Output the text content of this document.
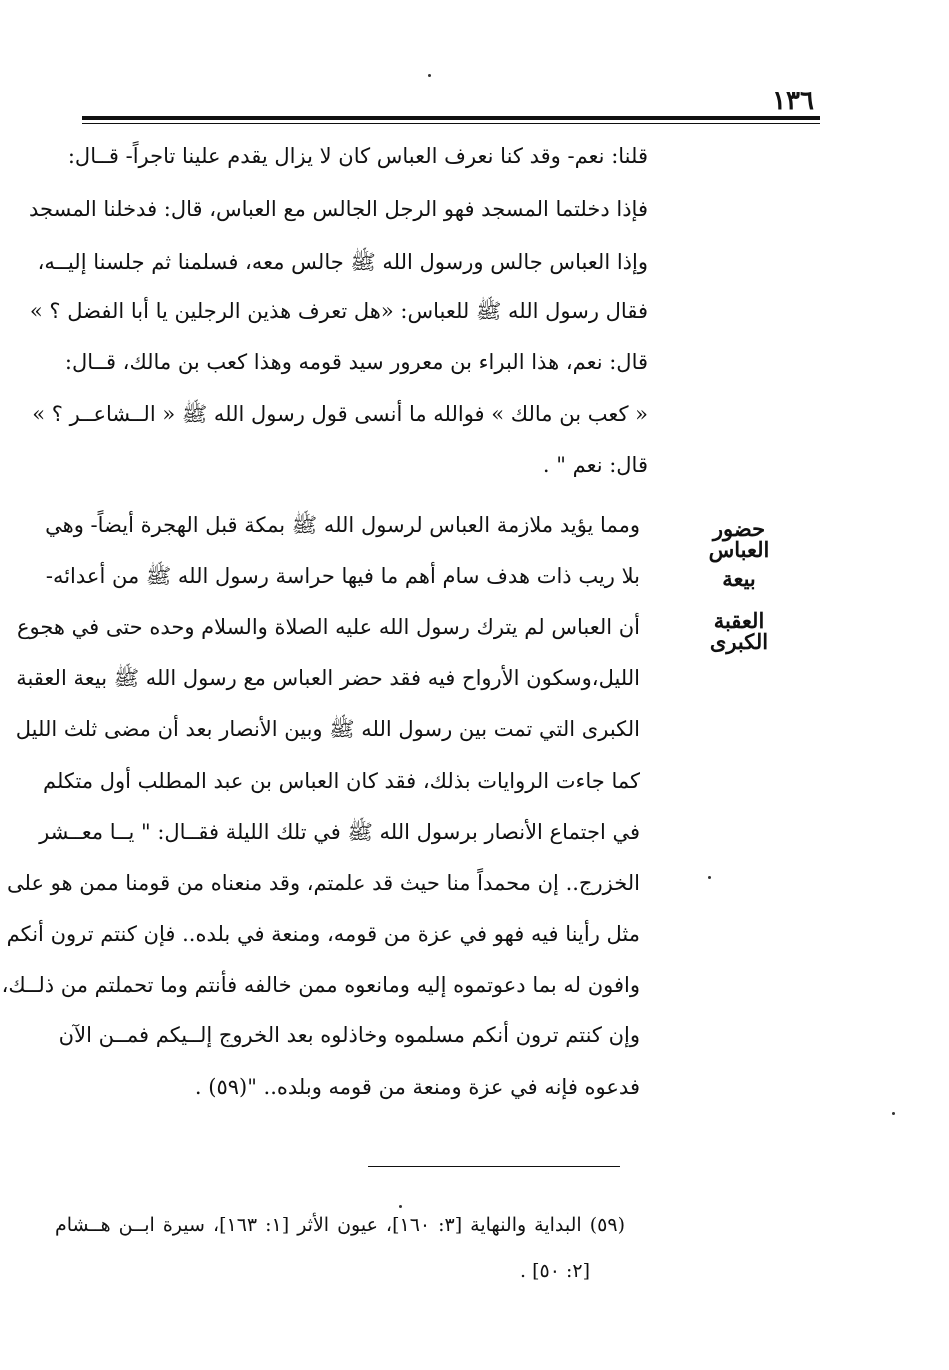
١٣٦
قلنا: نعم- وقد كنا نعرف العباس كان لا يزال يقدم علينا تاجراً- قــال:
فإذا دخلتما المسجد فهو الرجل الجالس مع العباس، قال: فدخلنا المسجد
وإذا العباس جالس ورسول الله ﷺ جالس معه، فسلمنا ثم جلسنا إليــه،
فقال رسول الله ﷺ للعباس: «هل تعرف هذين الرجلين يا أبا الفضل ؟ »
قال: نعم، هذا البراء بن معرور سيد قومه وهذا كعب بن مالك، قــال:
« كعب بن مالك » فوالله ما أنسى قول رسول الله ﷺ « الــشاعــر ؟ »
قال: نعم " .
حضور العباس
بيعة
العقبة الكبرى
ومما يؤيد ملازمة العباس لرسول الله ﷺ بمكة قبل الهجرة أيضاً- وهي
بلا ريب ذات هدف سام أهم ما فيها حراسة رسول الله ﷺ من أعدائه-
أن العباس لم يترك رسول الله عليه الصلاة والسلام وحده حتى في هجوع
الليل،وسكون الأرواح فيه فقد حضر العباس مع رسول الله ﷺ بيعة العقبة
الكبرى التي تمت بين رسول الله ﷺ وبين الأنصار بعد أن مضى ثلث الليل
كما جاءت الروايات بذلك، فقد كان العباس بن عبد المطلب أول متكلم
في اجتماع الأنصار برسول الله ﷺ في تلك الليلة فقــال: " يــا معــشر
الخزرج.. إن محمداً منا حيث قد علمتم، وقد منعناه من قومنا ممن هو على
مثل رأينا فيه فهو في عزة من قومه، ومنعة في بلده.. فإن كنتم ترون أنكم
وافون له بما دعوتموه إليه ومانعوه ممن خالفه فأنتم وما تحملتم من ذلــك،
وإن كنتم ترون أنكم مسلموه وخاذلوه بعد الخروج إلــيكم فمــن الآن
فدعوه فإنه في عزة ومنعة من قومه وبلده.. "(٥٩) .
(٥٩) البداية والنهاية [٣: ١٦٠]، عيون الأثر [١: ١٦٣]، سيرة ابــن هــشام
[٢: ٥٠] .
